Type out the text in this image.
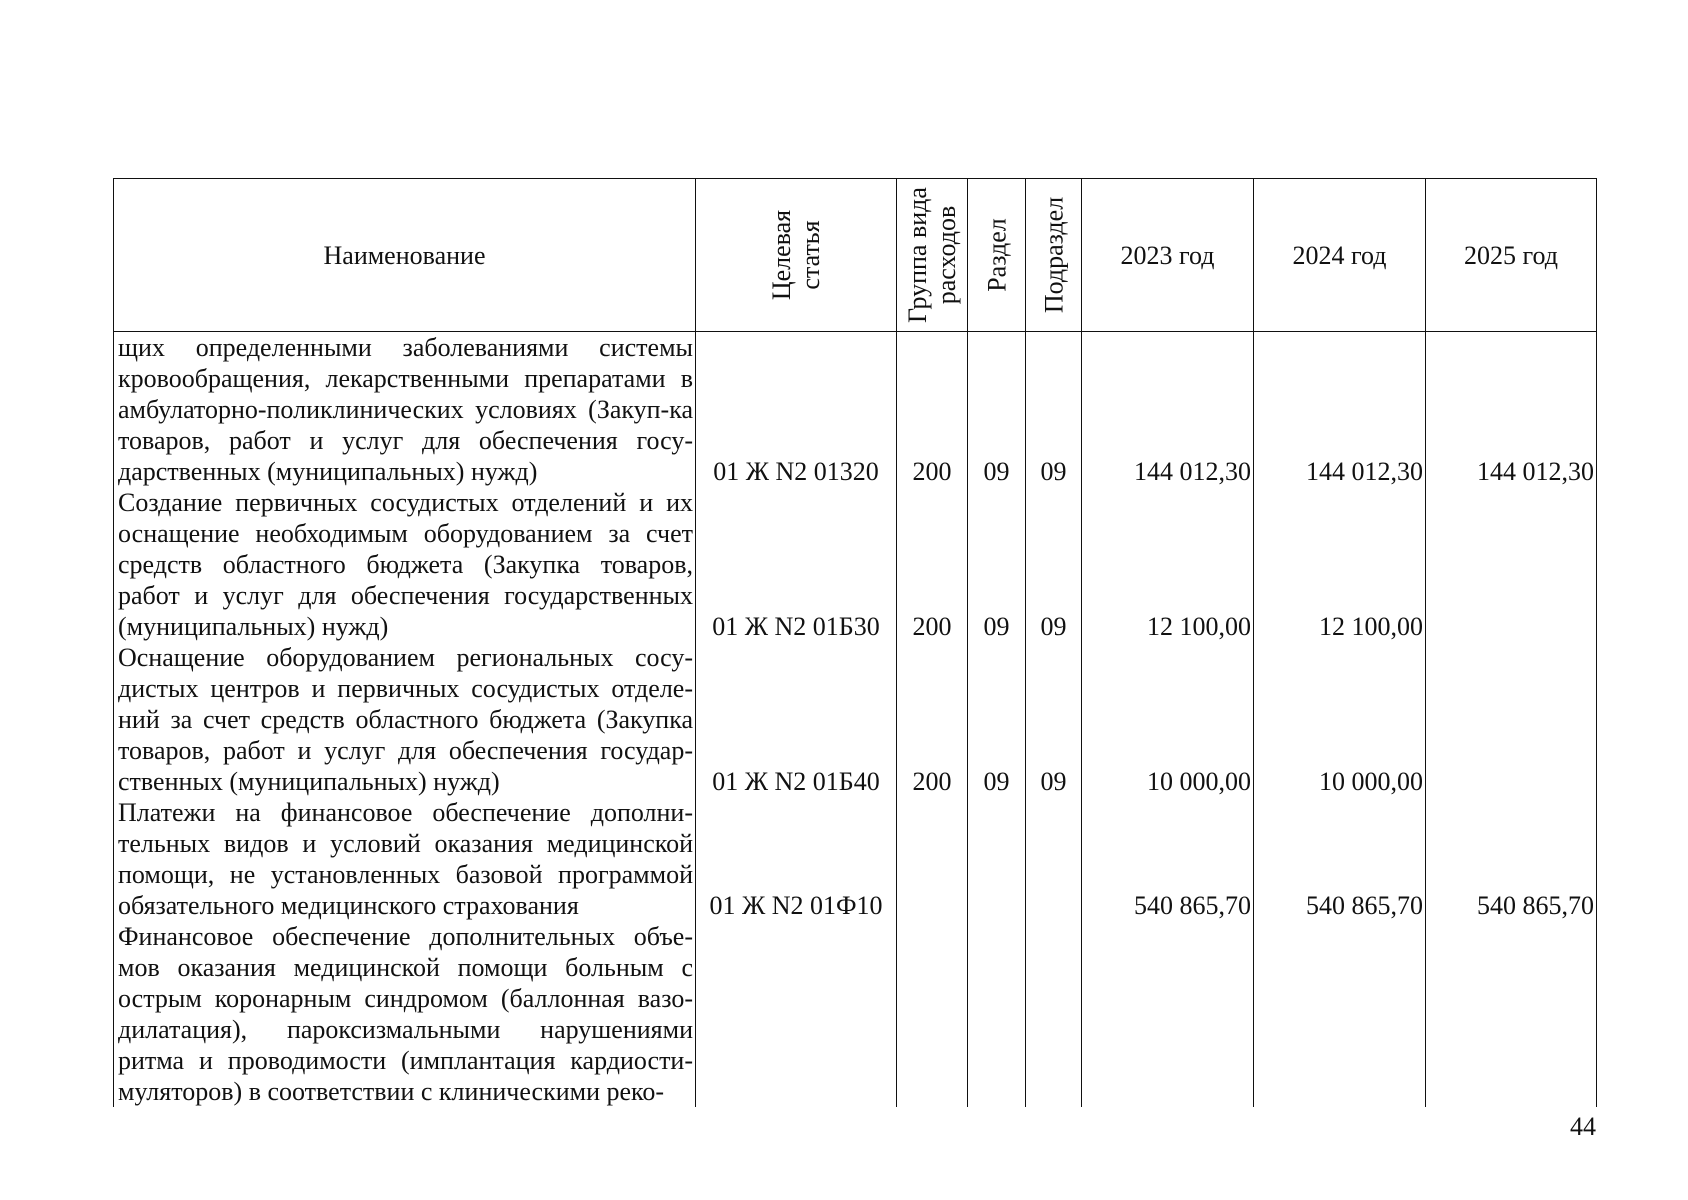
Наименование	Целевая статья	Группа вида расходов	Раздел	Подраздел	2023 год	2024 год	2025 год
щих определенными заболеваниями системы кровообращения, лекарственными препаратами в амбулаторно-поликлинических условиях (Закуп-ка товаров, работ и услуг для обеспечения госу-дарственных (муниципальных) нужд)	01 Ж N2 01320	200	09	09	144 012,30	144 012,30	144 012,30
Создание первичных сосудистых отделений и их оснащение необходимым оборудованием за счет средств областного бюджета (Закупка товаров, работ и услуг для обеспечения государственных (муниципальных) нужд)	01 Ж N2 01Б30	200	09	09	12 100,00	12 100,00	
Оснащение оборудованием региональных сосу-дистых центров и первичных сосудистых отделе-ний за счет средств областного бюджета (Закупка товаров, работ и услуг для обеспечения государ-ственных (муниципальных) нужд)	01 Ж N2 01Б40	200	09	09	10 000,00	10 000,00	
Платежи на финансовое обеспечение дополни-тельных видов и условий оказания медицинской помощи, не установленных базовой программой обязательного медицинского страхования	01 Ж N2 01Ф10				540 865,70	540 865,70	540 865,70
Финансовое обеспечение дополнительных объе-мов оказания медицинской помощи больным с острым коронарным синдромом (баллонная вазо-дилатация), пароксизмальными нарушениями ритма и проводимости (имплантация кардиости-муляторов) в соответствии с клиническими реко-							
44
